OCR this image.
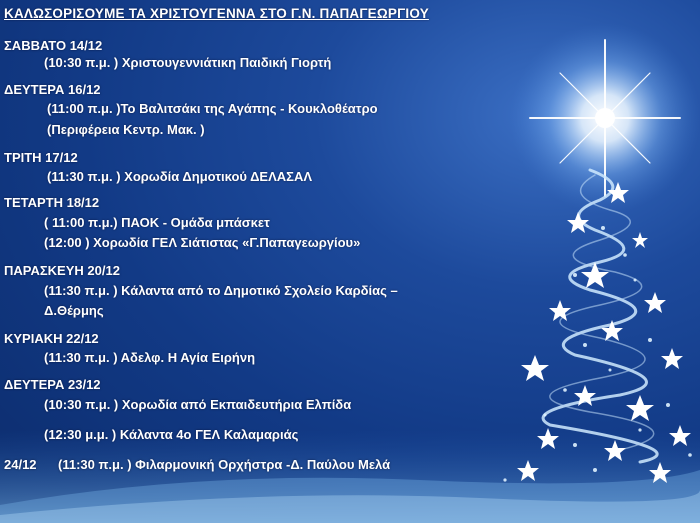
ΚΑΛΩΣΟΡΙΣΟΥΜΕ ΤΑ ΧΡΙΣΤΟΥΓΕΝΝΑ ΣΤΟ Γ.Ν. ΠΑΠΑΓΕΩΡΓΙΟΥ
ΣΑΒΒΑΤΟ 14/12
(10:30 π.μ. ) Χριστουγεννιάτικη Παιδική Γιορτή
ΔΕΥΤΕΡΑ 16/12
(11:00 π.μ. )Το Βαλιτσάκι της Αγάπης - Κουκλοθέατρο
(Περιφέρεια Κεντρ. Μακ. )
ΤΡΙΤΗ 17/12
(11:30 π.μ. ) Χορωδία Δημοτικού ΔΕΛΑΣΑΛ
ΤΕΤΑΡΤΗ 18/12
( 11:00 π.μ.) ΠΑΟΚ - Ομάδα μπάσκετ
(12:00 ) Χορωδία ΓΕΛ Σιάτιστας «Γ.Παπαγεωργίου»
ΠΑΡΑΣΚΕΥΗ 20/12
(11:30 π.μ. ) Κάλαντα από το Δημοτικό Σχολείο Καρδίας –
Δ.Θέρμης
ΚΥΡΙΑΚΗ 22/12
(11:30 π.μ. ) Αδελφ. Η Αγία Ειρήνη
ΔΕΥΤΕΡΑ 23/12
(10:30 π.μ. ) Χορωδία από Εκπαιδευτήρια Ελπίδα
(12:30 μ.μ. ) Κάλαντα 4ο ΓΕΛ Καλαμαριάς
24/12 (11:30 π.μ. ) Φιλαρμονική Ορχήστρα -Δ. Παύλου Μελά
